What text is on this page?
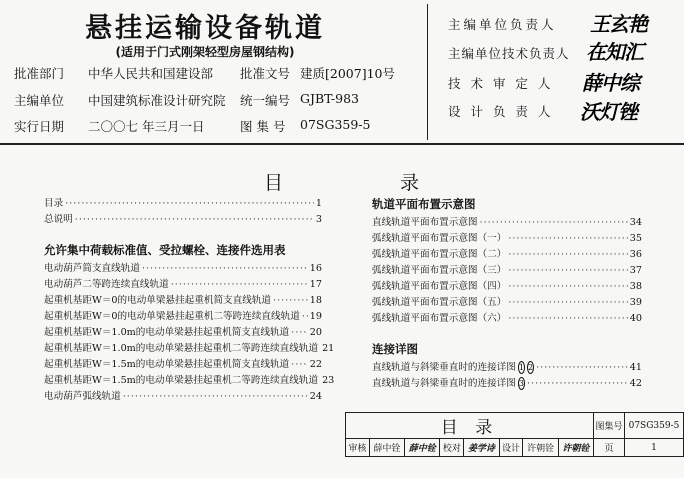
悬挂运输设备轨道
(适用于门式刚架轻型房屋钢结构)
批准部门 中华人民共和国建设部 批准文号 建质[2007]10号
主编单位 中国建筑标准设计研究院 统一编号 GJBT-983
实行日期 二〇〇七 年三月一日	图 集 号 07SG359-5
主编单位负责人 王玄艳
主编单位技术负责人 在知汇
技 术 审 定 人 薛中综
设 计 负 责 人 沃灯锉
目	录
目录 ·····	1
总说明 ·····	3
允许集中荷载标准值、受拉螺栓、连接件选用表
电动葫芦简支直线轨道 ·····	16
电动葫芦二等跨连续直线轨道 ·····	17
起重机基距W＝0的电动单梁悬挂起重机简支直线轨道 ·····	18
起重机基距W＝0的电动单梁悬挂起重机二等跨连续直线轨道 ····· 19
起重机基距W＝1.0m的电动单梁悬挂起重机简支直线轨道 ····· 20
起重机基距W＝1.0m的电动单梁悬挂起重机二等跨连续直线轨道 21
起重机基距W＝1.5m的电动单梁悬挂起重机简支直线轨道 ····· 22
起重机基距W＝1.5m的电动单梁悬挂起重机二等跨连续直线轨道 23
电动葫芦弧线轨道 ·····	24
轨道平面布置示意图
直线轨道平面布置示意图 ·····	34
弧线轨道平面布置示意图（一） ·····	35
弧线轨道平面布置示意图（二） ·····	36
弧线轨道平面布置示意图（三） ·····	37
弧线轨道平面布置示意图（四） ·····	38
弧线轨道平面布置示意图（五） ·····	39
弧线轨道平面布置示意图（六） ·····	40
连接详图
直线轨道与斜梁垂直时的连接详图 1 2 ·····	41
直线轨道与斜梁垂直时的连接详图 3 ·····	42
目 录								图集号	07SG359-5
审核	薛中铨	薛中铨	校对	姜学诗	设计	许朝铨	许朝铨	页	1
